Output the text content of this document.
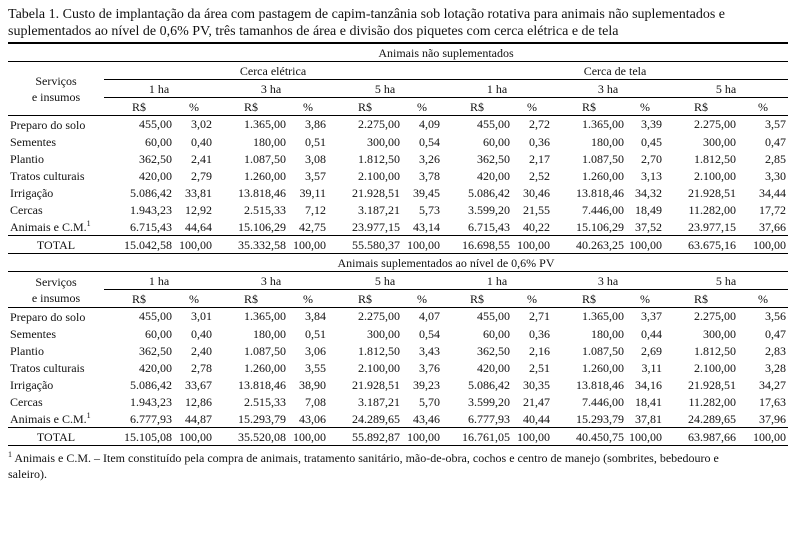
Tabela 1. Custo de implantação da área com pastagem de capim-tanzânia sob lotação rotativa para animais não suplementados e suplementados ao nível de 0,6% PV, três tamanhos de área e divisão dos piquetes com cerca elétrica e de tela

	Animais não suplementados											
Serviços
e insumos	Cerca elétrica						Cerca de tela					
	1 ha		3 ha		5 ha		1 ha		3 ha		5 ha	
	R$	%	R$	%	R$	%	R$	%	R$	%	R$	%

Preparo do solo	455,00	3,02	1.365,00	3,86	2.275,00	4,09	455,00	2,72	1.365,00	3,39	2.275,00	3,57
Sementes	60,00	0,40	180,00	0,51	300,00	0,54	60,00	0,36	180,00	0,45	300,00	0,47
Plantio	362,50	2,41	1.087,50	3,08	1.812,50	3,26	362,50	2,17	1.087,50	2,70	1.812,50	2,85
Tratos culturais	420,00	2,79	1.260,00	3,57	2.100,00	3,78	420,00	2,52	1.260,00	3,13	2.100,00	3,30
Irrigação	5.086,42	33,81	13.818,46	39,11	21.928,51	39,45	5.086,42	30,46	13.818,46	34,32	21.928,51	34,44
Cercas	1.943,23	12,92	2.515,33	7,12	3.187,21	5,73	3.599,20	21,55	7.446,00	18,49	11.282,00	17,72
Animais e C.M.$^1$	6.715,43	44,64	15.106,29	42,75	23.977,15	43,14	6.715,43	40,22	15.106,29	37,52	23.977,15	37,66
TOTAL	15.042,58	100,00	35.332,58	100,00	55.580,37	100,00	16.698,55	100,00	40.263,25	100,00	63.675,16	100,00
	Animais suplementados ao nível de 0,6% PV											
Serviços
e insumos	1 ha		3 ha		5 ha		1 ha		3 ha		5 ha	
	R$	%	R$	%	R$	%	R$	%	R$	%	R$	%

Preparo do solo	455,00	3,01	1.365,00	3,84	2.275,00	4,07	455,00	2,71	1.365,00	3,37	2.275,00	3,56
Sementes	60,00	0,40	180,00	0,51	300,00	0,54	60,00	0,36	180,00	0,44	300,00	0,47
Plantio	362,50	2,40	1.087,50	3,06	1.812,50	3,43	362,50	2,16	1.087,50	2,69	1.812,50	2,83
Tratos culturais	420,00	2,78	1.260,00	3,55	2.100,00	3,76	420,00	2,51	1.260,00	3,11	2.100,00	3,28
Irrigação	5.086,42	33,67	13.818,46	38,90	21.928,51	39,23	5.086,42	30,35	13.818,46	34,16	21.928,51	34,27
Cercas	1.943,23	12,86	2.515,33	7,08	3.187,21	5,70	3.599,20	21,47	7.446,00	18,41	11.282,00	17,63
Animais e C.M.$^1$	6.777,93	44,87	15.293,79	43,06	24.289,65	43,46	6.777,93	40,44	15.293,79	37,81	24.289,65	37,96
TOTAL	15.105,08	100,00	35.520,08	100,00	55.892,87	100,00	16.761,05	100,00	40.450,75	100,00	63.987,66	100,00
$^1$ Animais e C.M. – Item constituído pela compra de animais, tratamento sanitário, mão-de-obra, cochos e centro de manejo (sombrites, bebedouro e saleiro).
